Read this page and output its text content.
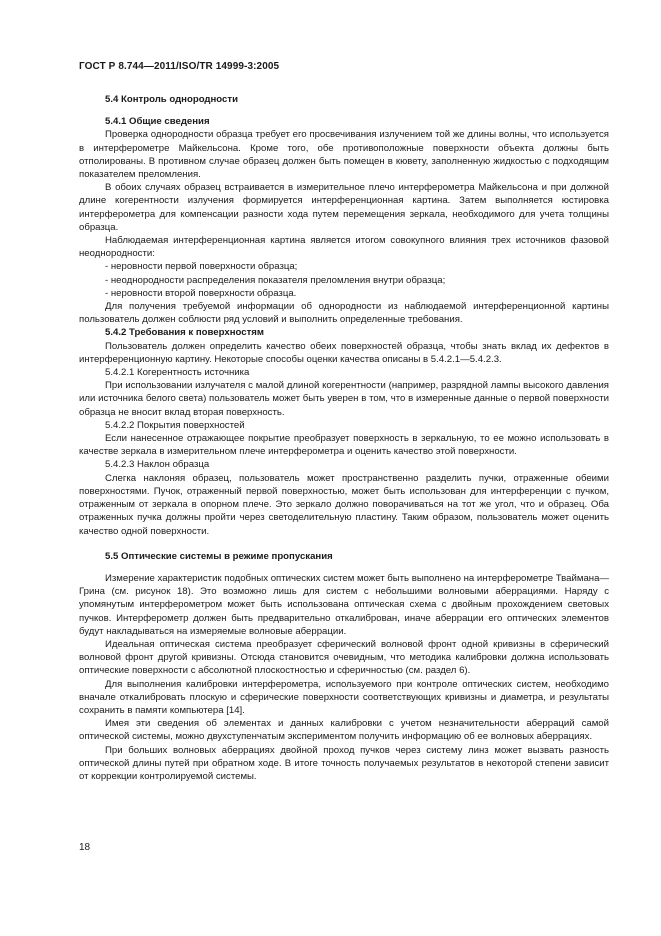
ГОСТ Р 8.744—2011/ISO/TR 14999-3:2005
5.4 Контроль однородности
5.4.1 Общие сведения

Проверка однородности образца требует его просвечивания излучением той же длины волны, что используется в интерферометре Майкельсона. Кроме того, обе противоположные поверхности объекта должны быть отполированы. В противном случае образец должен быть помещен в кювету, заполненную жидкостью с подходящим показателем преломления.

В обоих случаях образец встраивается в измерительное плечо интерферометра Майкельсона и при должной длине когерентности излучения формируется интерференционная картина. Затем выполняется юстировка интерферометра для компенсации разности хода путем перемещения зеркала, необходимого для учета толщины образца.

Наблюдаемая интерференционная картина является итогом совокупного влияния трех источников фазовой неоднородности:

- неровности первой поверхности образца;

- неоднородности распределения показателя преломления внутри образца;

- неровности второй поверхности образца.

Для получения требуемой информации об однородности из наблюдаемой интерференционной картины пользователь должен соблюсти ряд условий и выполнить определенные требования.

5.4.2 Требования к поверхностям

Пользователь должен определить качество обеих поверхностей образца, чтобы знать вклад их дефектов в интерференционную картину. Некоторые способы оценки качества описаны в 5.4.2.1—5.4.2.3.

5.4.2.1 Когерентность источника

При использовании излучателя с малой длиной когерентности (например, разрядной лампы высокого давления или источника белого света) пользователь может быть уверен в том, что в измеренные данные о первой поверхности образца не вносит вклад вторая поверхность.

5.4.2.2 Покрытия поверхностей

Если нанесенное отражающее покрытие преобразует поверхность в зеркальную, то ее можно использовать в качестве зеркала в измерительном плече интерферометра и оценить качество этой поверхности.

5.4.2.3 Наклон образца

Слегка наклоняя образец, пользователь может пространственно разделить пучки, отраженные обеими поверхностями. Пучок, отраженный первой поверхностью, может быть использован для интерференции с пучком, отраженным от зеркала в опорном плече. Это зеркало должно поворачиваться на тот же угол, что и образец. Оба отраженных пучка должны пройти через светоделительную пластину. Таким образом, пользователь может оценить качество одной поверхности.

5.5 Оптические системы в режиме пропускания

Измерение характеристик подобных оптических систем может быть выполнено на интерферометре Тваймана—Грина (см. рисунок 18). Это возможно лишь для систем с небольшими волновыми аберрациями. Наряду с упомянутым интерферометром может быть использована оптическая схема с двойным прохождением световых пучков. Интерферометр должен быть предварительно откалиброван, иначе аберрации его оптических элементов будут накладываться на измеряемые волновые аберрации.

Идеальная оптическая система преобразует сферический волновой фронт одной кривизны в сферический волновой фронт другой кривизны. Отсюда становится очевидным, что методика калибровки должна использовать оптические поверхности с абсолютной плоскостностью и сферичностью (см. раздел 6).

Для выполнения калибровки интерферометра, используемого при контроле оптических систем, необходимо вначале откалибровать плоскую и сферические поверхности соответствующих кривизны и диаметра, и результаты сохранить в памяти компьютера [14].

Имея эти сведения об элементах и данных калибровки с учетом незначительности аберраций самой оптической системы, можно двухступенчатым экспериментом получить информацию об ее волновых аберрациях.

При больших волновых аберрациях двойной проход пучков через систему линз может вызвать разность оптической длины путей при обратном ходе. В итоге точность получаемых результатов в некоторой степени зависит от коррекции контролируемой системы.

18
